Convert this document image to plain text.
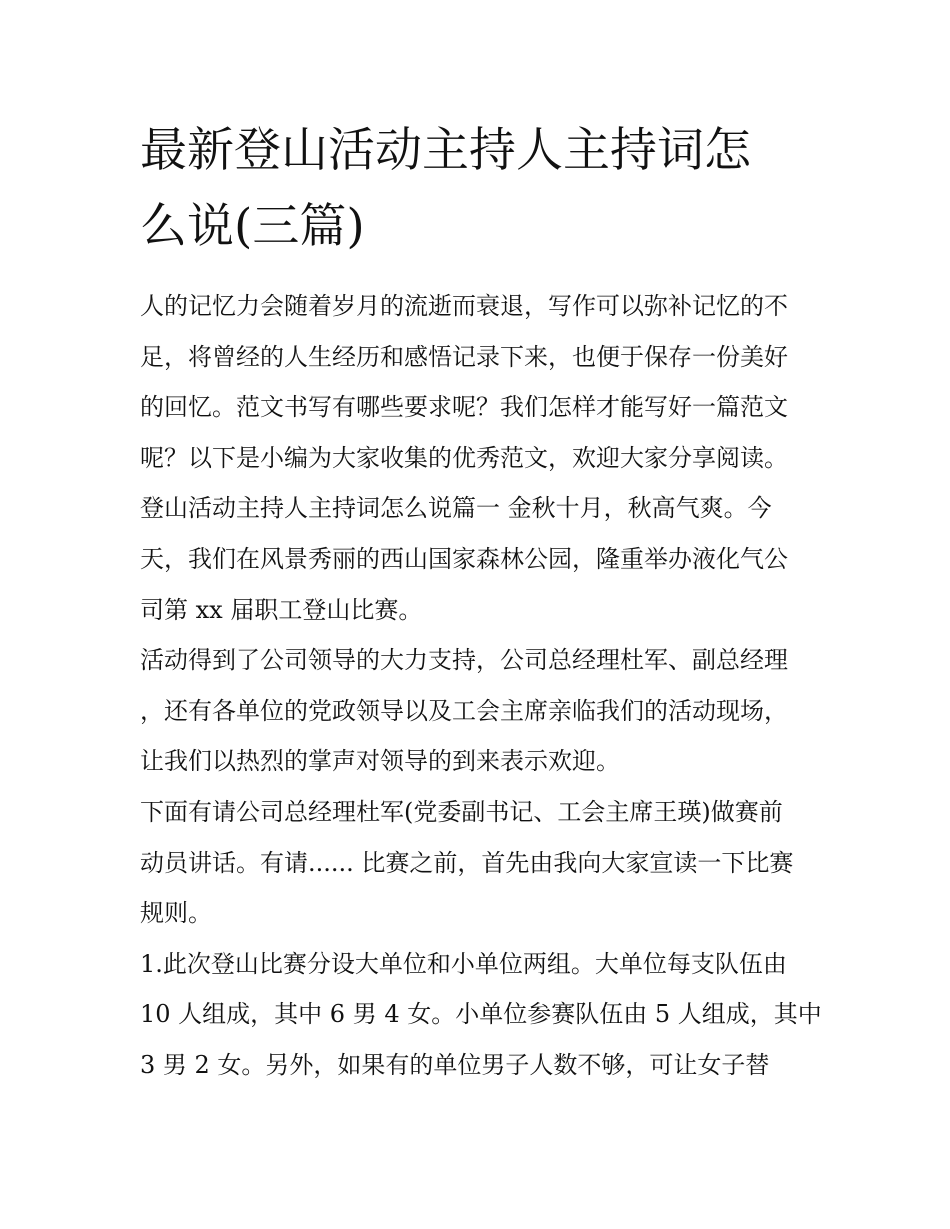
最新登山活动主持人主持词怎
么说(三篇)
人的记忆力会随着岁月的流逝而衰退，写作可以弥补记忆的不
足，将曾经的人生经历和感悟记录下来，也便于保存一份美好
的回忆。范文书写有哪些要求呢？我们怎样才能写好一篇范文
呢？以下是小编为大家收集的优秀范文，欢迎大家分享阅读。
登山活动主持人主持词怎么说篇一 金秋十月，秋高气爽。今
天，我们在风景秀丽的西山国家森林公园，隆重举办液化气公
司第 xx 届职工登山比赛。
活动得到了公司领导的大力支持，公司总经理杜军、副总经理
，还有各单位的党政领导以及工会主席亲临我们的活动现场，
让我们以热烈的掌声对领导的到来表示欢迎。
下面有请公司总经理杜军(党委副书记、工会主席王瑛)做赛前
动员讲话。有请...... 比赛之前，首先由我向大家宣读一下比赛
规则。
1.此次登山比赛分设大单位和小单位两组。大单位每支队伍由
10 人组成，其中 6 男 4 女。小单位参赛队伍由 5 人组成，其中
3 男 2 女。另外，如果有的单位男子人数不够，可让女子替
